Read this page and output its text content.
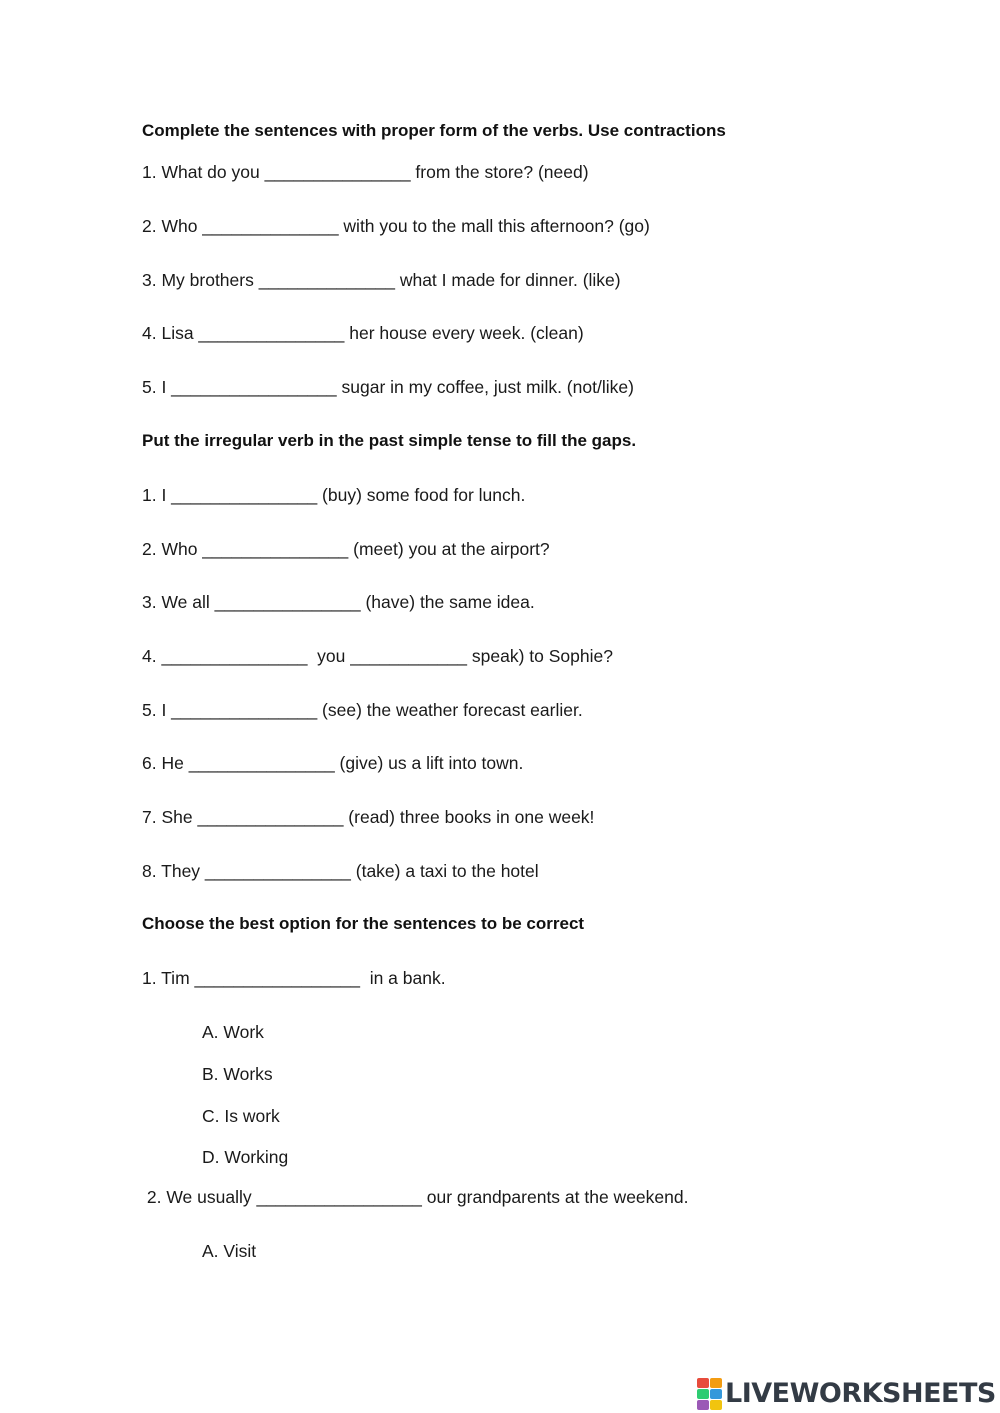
Complete the sentences with proper form of the verbs. Use contractions
1. What do you _______________ from the store? (need)
2. Who ______________ with you to the mall this afternoon? (go)
3. My brothers ______________ what I made for dinner. (like)
4. Lisa _______________ her house every week. (clean)
5. I _________________ sugar in my coffee, just milk. (not/like)
Put the irregular verb in the past simple tense to fill the gaps.
1. I _______________ (buy) some food for lunch.
2. Who _______________ (meet) you at the airport?
3. We all _______________ (have) the same idea.
4. _______________  you ____________ speak) to Sophie?
5. I _______________ (see) the weather forecast earlier.
6. He _______________ (give) us a lift into town.
7. She _______________ (read) three books in one week!
8. They _______________ (take) a taxi to the hotel
Choose the best option for the sentences to be correct
1. Tim _________________  in a bank.
A. Work
B. Works
C. Is work
D. Working
2. We usually _________________ our grandparents at the weekend.
A. Visit
LIVEWORKSHEETS
